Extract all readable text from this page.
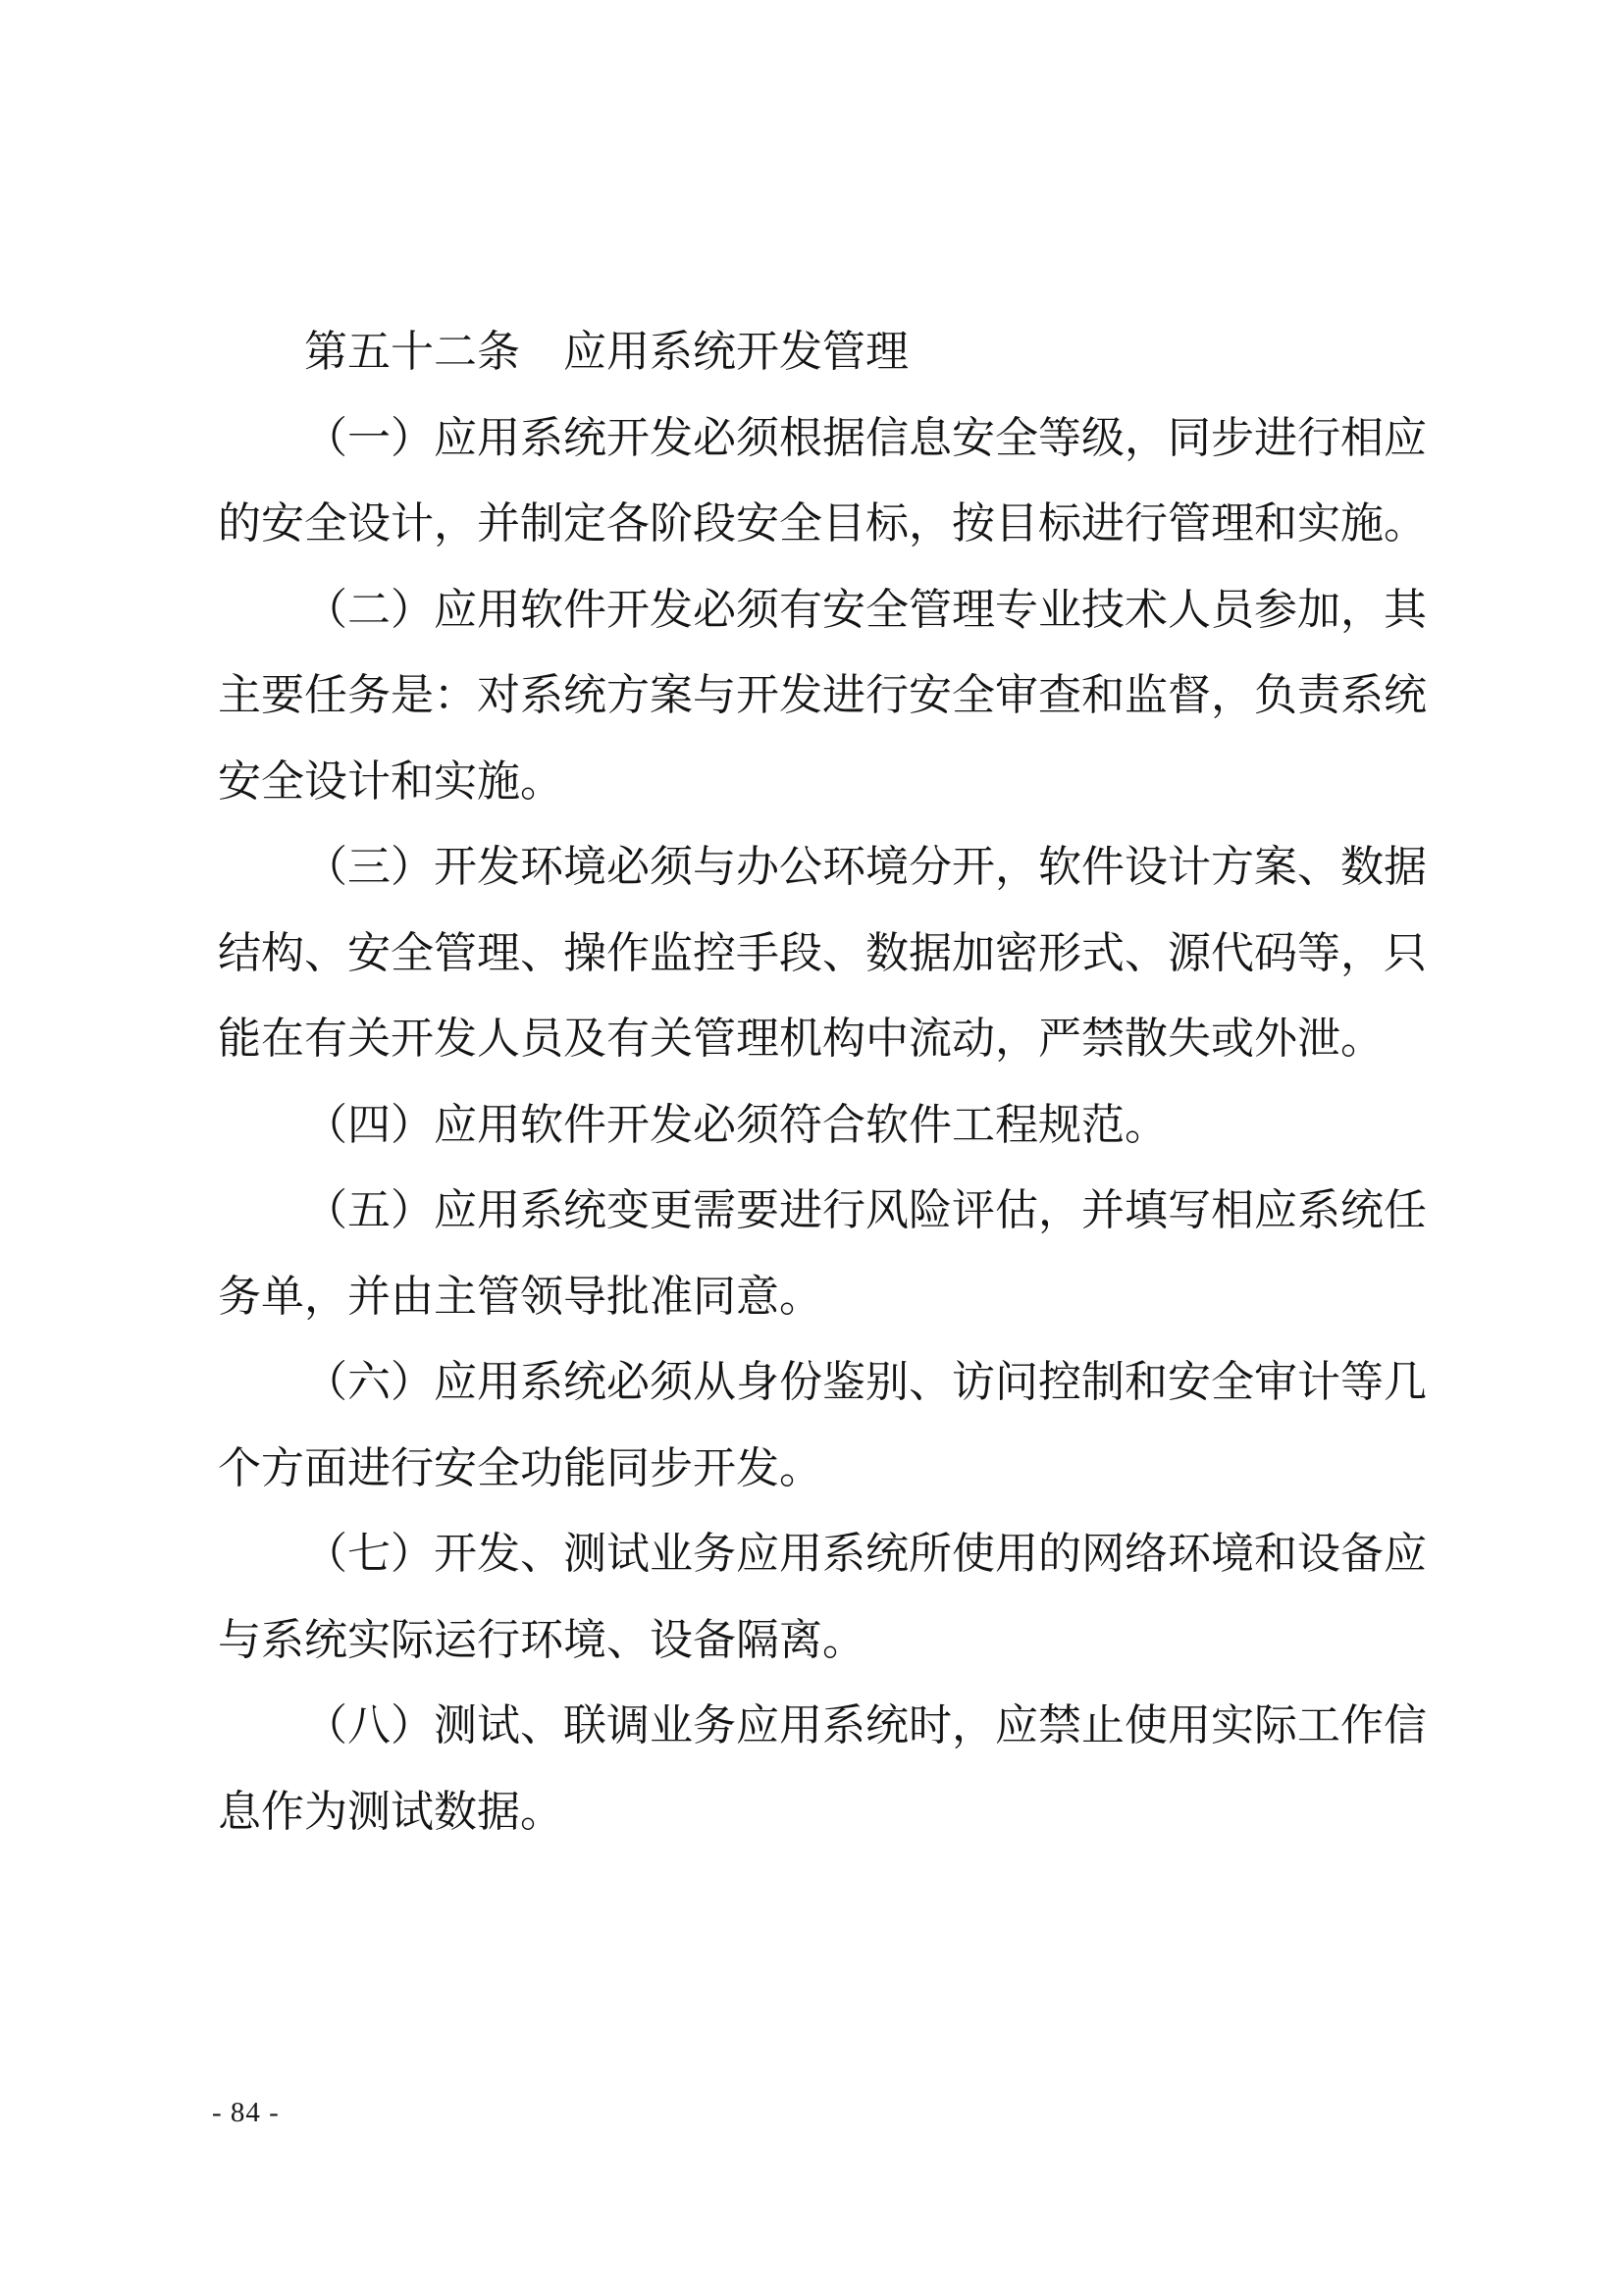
第五十二条　应用系统开发管理

（一）应用系统开发必须根据信息安全等级，同步进行相应的安全设计，并制定各阶段安全目标，按目标进行管理和实施。

（二）应用软件开发必须有安全管理专业技术人员参加，其主要任务是：对系统方案与开发进行安全审查和监督，负责系统安全设计和实施。

（三）开发环境必须与办公环境分开，软件设计方案、数据结构、安全管理、操作监控手段、数据加密形式、源代码等，只能在有关开发人员及有关管理机构中流动，严禁散失或外泄。

（四）应用软件开发必须符合软件工程规范。

（五）应用系统变更需要进行风险评估，并填写相应系统任务单，并由主管领导批准同意。

（六）应用系统必须从身份鉴别、访问控制和安全审计等几个方面进行安全功能同步开发。

（七）开发、测试业务应用系统所使用的网络环境和设备应与系统实际运行环境、设备隔离。

（八）测试、联调业务应用系统时，应禁止使用实际工作信息作为测试数据。

- 84 -
